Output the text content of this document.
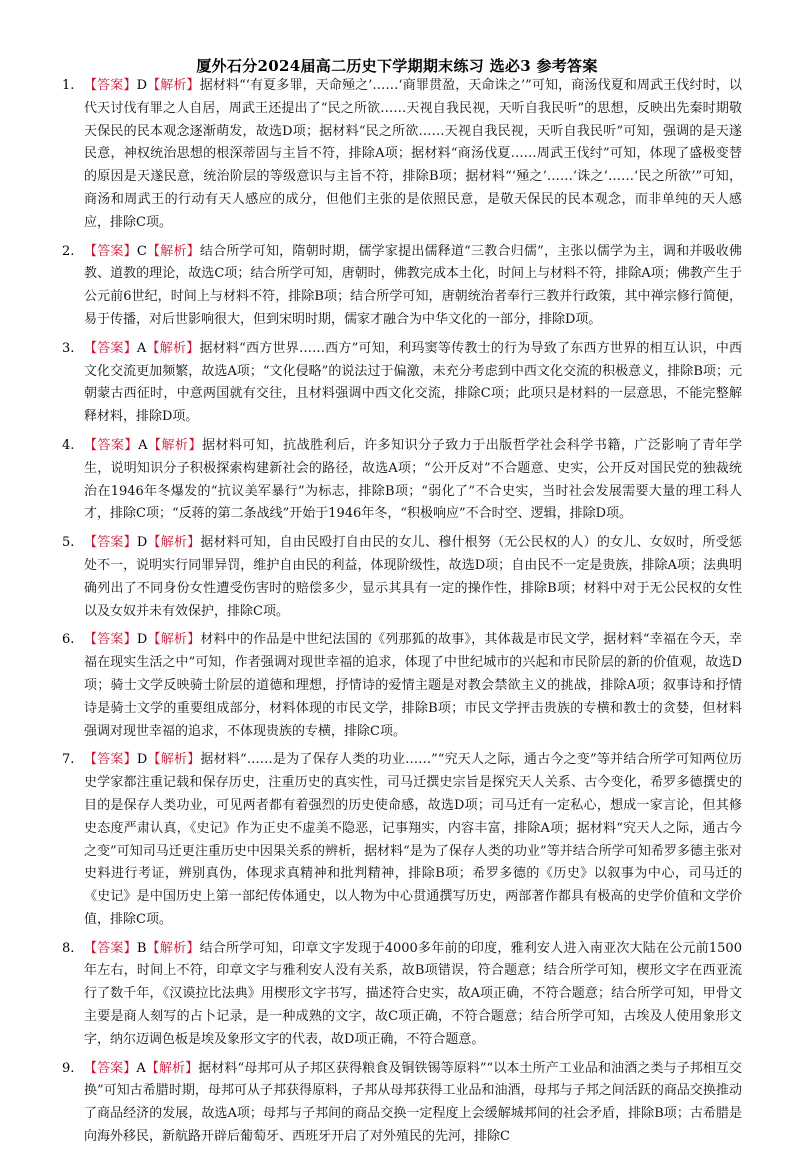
厦外石分2024届高二历史下学期期末练习 选必3 参考答案
1. 【答案】D【解析】据材料“‘有夏多罪，天命殛之’……‘商罪贯盈，天命诛之’”可知，商汤伐夏和周武王伐纣时，以代天讨伐有罪之人自居，周武王还提出了“民之所欲……天视自我民视，天听自我民听”的思想，反映出先秦时期敬天保民的民本观念逐渐萌发，故选D项；据材料“民之所欲……天视自我民视，天听自我民听”可知，强调的是天遂民意，神权统治思想的根深蒂固与主旨不符，排除A项；据材料“商汤伐夏……周武王伐纣”可知，体现了盛极变替的原因是天遂民意，统治阶层的等级意识与主旨不符，排除B项；据材料“‘殛之’……‘诛之’……‘民之所欲’”可知，商汤和周武王的行动有天人感应的成分，但他们主张的是依照民意，是敬天保民的民本观念，而非单纯的天人感应，排除C项。
2. 【答案】C【解析】结合所学可知，隋朝时期，儒学家提出儒释道“三教合归儒”，主张以儒学为主，调和并吸收佛教、道教的理论，故选C项；结合所学可知，唐朝时，佛教完成本土化，时间上与材料不符，排除A项；佛教产生于公元前6世纪，时间上与材料不符，排除B项；结合所学可知，唐朝统治者奉行三教并行政策，其中禅宗修行简便，易于传播，对后世影响很大，但到宋明时期，儒家才融合为中华文化的一部分，排除D项。
3. 【答案】A【解析】据材料“西方世界……西方”可知，利玛窦等传教士的行为导致了东西方世界的相互认识，中西文化交流更加频繁，故选A项；“文化侵略”的说法过于偏激，未充分考虑到中西文化交流的积极意义，排除B项；元朝蒙古西征时，中意两国就有交往，且材料强调中西文化交流，排除C项；此项只是材料的一层意思，不能完整解释材料，排除D项。
4. 【答案】A【解析】据材料可知，抗战胜利后，许多知识分子致力于出版哲学社会科学书籍，广泛影响了青年学生，说明知识分子积极探索构建新社会的路径，故选A项；“公开反对”不合题意、史实，公开反对国民党的独裁统治在1946年冬爆发的“抗议美军暴行”为标志，排除B项；“弱化了”不合史实，当时社会发展需要大量的理工科人才，排除C项；“反蒋的第二条战线”开始于1946年冬，“积极响应”不合时空、逻辑，排除D项。
5. 【答案】D【解析】据材料可知，自由民殴打自由民的女儿、穆什根努（无公民权的人）的女儿、女奴时，所受惩处不一，说明实行同罪异罚，维护自由民的利益，体现阶级性，故选D项；自由民不一定是贵族，排除A项；法典明确列出了不同身份女性遭受伤害时的赔偿多少，显示其具有一定的操作性，排除B项；材料中对于无公民权的女性以及女奴并未有效保护，排除C项。
6. 【答案】D【解析】材料中的作品是中世纪法国的《列那狐的故事》，其体裁是市民文学，据材料“幸福在今天，幸福在现实生活之中”可知，作者强调对现世幸福的追求，体现了中世纪城市的兴起和市民阶层的新的价值观，故选D项；骑士文学反映骑士阶层的道德和理想，抒情诗的爱情主题是对教会禁欲主义的挑战，排除A项；叙事诗和抒情诗是骑士文学的重要组成部分，材料体现的市民文学，排除B项；市民文学抨击贵族的专横和教士的贪婪，但材料强调对现世幸福的追求，不体现贵族的专横，排除C项。
7. 【答案】D【解析】据材料“……是为了保存人类的功业……”“究天人之际，通古今之变”等并结合所学可知两位历史学家都注重记载和保存历史，注重历史的真实性，司马迁撰史宗旨是探究天人关系、古今变化，希罗多德撰史的目的是保存人类功业，可见两者都有着强烈的历史使命感，故选D项；司马迁有一定私心，想成一家言论，但其修史态度严肃认真，《史记》作为正史不虚美不隐恶，记事翔实，内容丰富，排除A项；据材料“究天人之际，通古今之变”可知司马迁更注重历史中因果关系的辨析，据材料“是为了保存人类的功业”等并结合所学可知希罗多德主张对史料进行考证，辨别真伪，体现求真精神和批判精神，排除B项；希罗多德的《历史》以叙事为中心，司马迁的《史记》是中国历史上第一部纪传体通史，以人物为中心贯通撰写历史，两部著作都具有极高的史学价值和文学价值，排除C项。
8. 【答案】B【解析】结合所学可知，印章文字发现于4000多年前的印度，雅利安人进入南亚次大陆在公元前1500年左右，时间上不符，印章文字与雅利安人没有关系，故B项错误，符合题意；结合所学可知，楔形文字在西亚流行了数千年，《汉谟拉比法典》用楔形文字书写，描述符合史实，故A项正确，不符合题意；结合所学可知，甲骨文主要是商人刻写的占卜记录，是一种成熟的文字，故C项正确，不符合题意；结合所学可知，古埃及人使用象形文字，纳尔迈调色板是埃及象形文字的代表，故D项正确，不符合题意。
9. 【答案】A【解析】据材料“母邦可从子邦区获得粮食及铜铁锡等原料”“以本土所产工业品和油酒之类与子邦相互交换”可知古希腊时期，母邦可从子邦获得原料，子邦从母邦获得工业品和油酒，母邦与子邦之间活跃的商品交换推动了商品经济的发展，故选A项；母邦与子邦间的商品交换一定程度上会缓解城邦间的社会矛盾，排除B项；古希腊是向海外移民，新航路开辟后葡萄牙、西班牙开启了对外殖民的先河，排除C
